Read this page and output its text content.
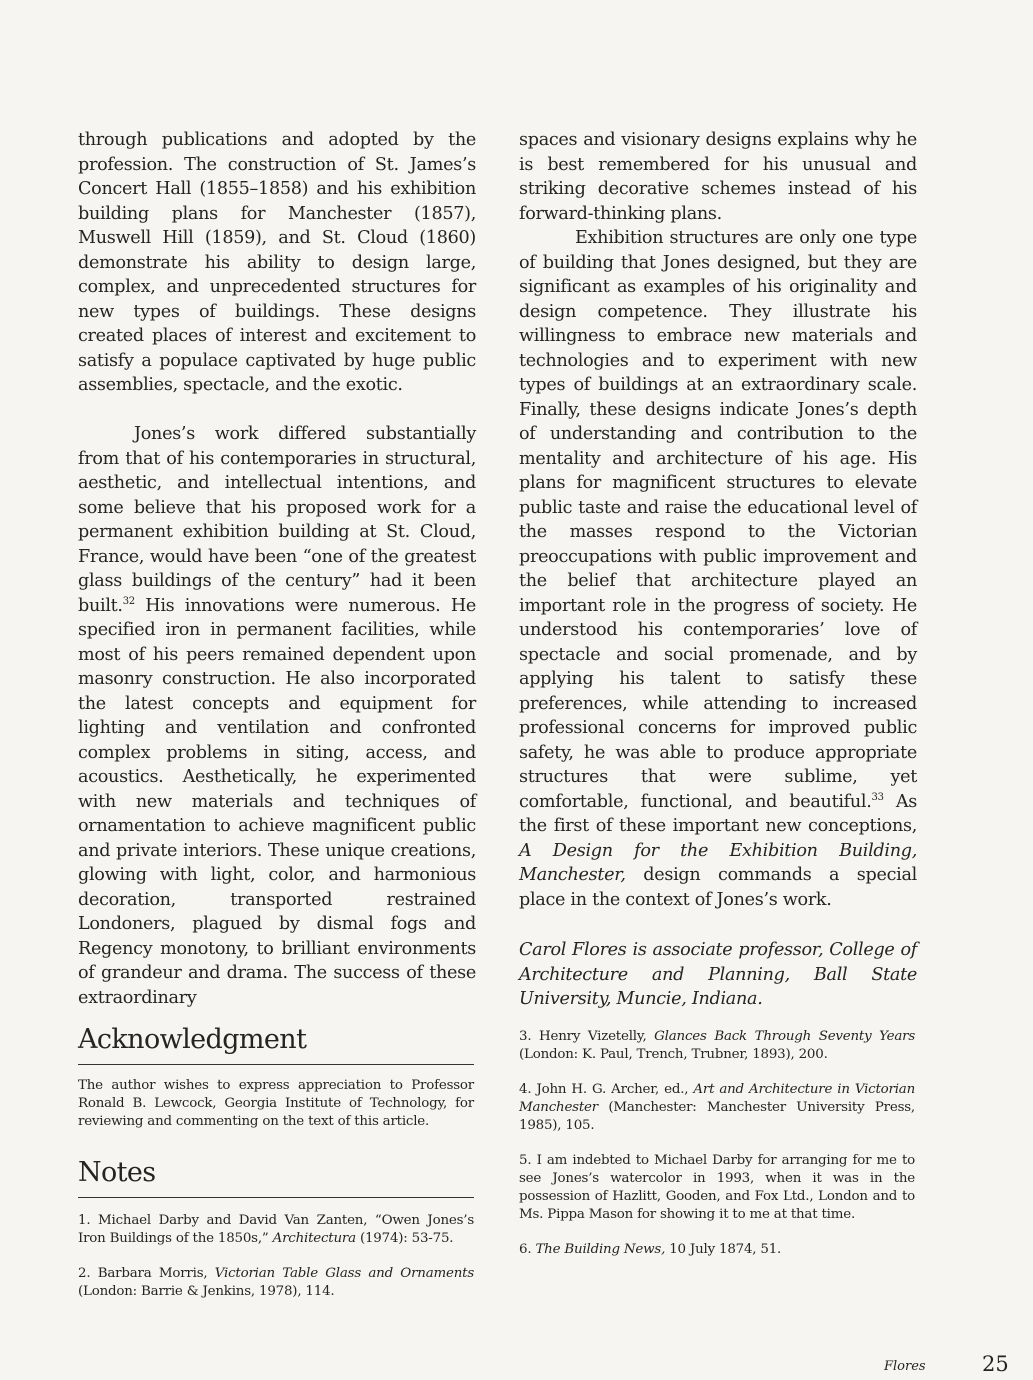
through publications and adopted by the profession. The construction of St. James’s Concert Hall (1855–1858) and his exhibition building plans for Manchester (1857), Muswell Hill (1859), and St. Cloud (1860) demonstrate his ability to design large, complex, and unprecedented structures for new types of buildings. These designs created places of interest and excitement to satisfy a populace captivated by huge public assemblies, spectacle, and the exotic.

Jones’s work differed substantially from that of his contemporaries in structural, aesthetic, and intellectual intentions, and some believe that his proposed work for a permanent exhibition building at St. Cloud, France, would have been “one of the greatest glass buildings of the century” had it been built.$^{32}$ His innovations were numerous. He specified iron in permanent facilities, while most of his peers remained dependent upon masonry construction. He also incorporated the latest concepts and equipment for lighting and ventilation and confronted complex problems in siting, access, and acoustics. Aesthetically, he experimented with new materials and techniques of ornamentation to achieve magnificent public and private interiors. These unique creations, glowing with light, color, and harmonious decoration, transported restrained Londoners, plagued by dismal fogs and Regency monotony, to brilliant environments of grandeur and drama. The success of these extraordinary

spaces and visionary designs explains why he is best remembered for his unusual and striking decorative schemes instead of his forward-thinking plans.

Exhibition structures are only one type of building that Jones designed, but they are significant as examples of his originality and design competence. They illustrate his willingness to embrace new materials and technologies and to experiment with new types of buildings at an extraordinary scale. Finally, these designs indicate Jones’s depth of understanding and contribution to the mentality and architecture of his age. His plans for magnificent structures to elevate public taste and raise the educational level of the masses respond to the Victorian preoccupations with public improvement and the belief that architecture played an important role in the progress of society. He understood his contemporaries’ love of spectacle and social promenade, and by applying his talent to satisfy these preferences, while attending to increased professional concerns for improved public safety, he was able to produce appropriate structures that were sublime, yet comfortable, functional, and beautiful.$^{33}$ As the first of these important new conceptions, A Design for the Exhibition Building, Manchester, design commands a special place in the context of Jones’s work.

Carol Flores is associate professor, College of Architecture and Planning, Ball State University, Muncie, Indiana.

Acknowledgment

The author wishes to express appreciation to Professor Ronald B. Lewcock, Georgia Institute of Technology, for reviewing and commenting on the text of this article.

Notes

1. Michael Darby and David Van Zanten, “Owen Jones’s Iron Buildings of the 1850s,” Architectura (1974): 53-75.

2. Barbara Morris, Victorian Table Glass and Ornaments (London: Barrie & Jenkins, 1978), 114.

3. Henry Vizetelly, Glances Back Through Seventy Years (London: K. Paul, Trench, Trubner, 1893), 200.

4. John H. G. Archer, ed., Art and Architecture in Victorian Manchester (Manchester: Manchester University Press, 1985), 105.

5. I am indebted to Michael Darby for arranging for me to see Jones’s watercolor in 1993, when it was in the possession of Hazlitt, Gooden, and Fox Ltd., London and to Ms. Pippa Mason for showing it to me at that time.

6. The Building News, 10 July 1874, 51.

Flores	25
